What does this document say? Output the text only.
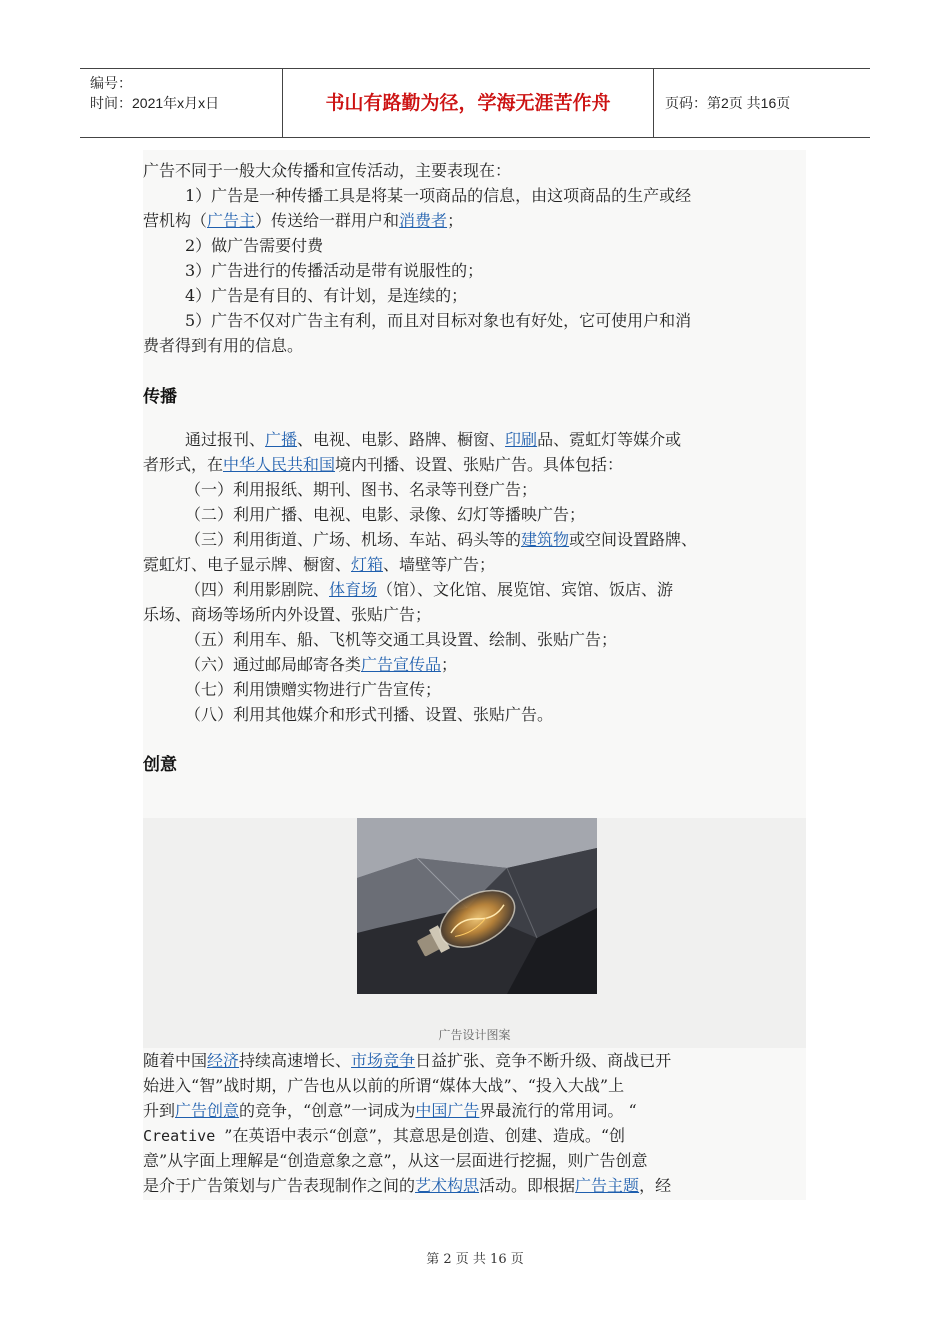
编号：
时间：2021年x月x日	书山有路勤为径，学海无涯苦作舟	页码：第2页 共16页
广告不同于一般大众传播和宣传活动，主要表现在：
1）广告是一种传播工具是将某一项商品的信息，由这项商品的生产或经
营机构（广告主）传送给一群用户和消费者；
2）做广告需要付费
3）广告进行的传播活动是带有说服性的；
4）广告是有目的、有计划，是连续的；
5）广告不仅对广告主有利，而且对目标对象也有好处，它可使用户和消
费者得到有用的信息。
传播
通过报刊、广播、电视、电影、路牌、橱窗、印刷品、霓虹灯等媒介或
者形式，在中华人民共和国境内刊播、设置、张贴广告。具体包括：
（一）利用报纸、期刊、图书、名录等刊登广告；
（二）利用广播、电视、电影、录像、幻灯等播映广告；
（三）利用街道、广场、机场、车站、码头等的建筑物或空间设置路牌、
霓虹灯、电子显示牌、橱窗、灯箱、墙壁等广告；
（四）利用影剧院、体育场（馆）、文化馆、展览馆、宾馆、饭店、游
乐场、商场等场所内外设置、张贴广告；
（五）利用车、船、飞机等交通工具设置、绘制、张贴广告；
（六）通过邮局邮寄各类广告宣传品；
（七）利用馈赠实物进行广告宣传；
（八）利用其他媒介和形式刊播、设置、张贴广告。
创意
广告设计图案
随着中国经济持续高速增长、市场竞争日益扩张、竞争不断升级、商战已开
始进入“智”战时期，广告也从以前的所谓“媒体大战”、“投入大战”上
升到广告创意的竞争，“创意”一词成为中国广告界最流行的常用词。 “
Creative ”在英语中表示“创意”，其意思是创造、创建、造成。“创
意”从字面上理解是“创造意象之意”，从这一层面进行挖掘，则广告创意
是介于广告策划与广告表现制作之间的艺术构思活动。即根据广告主题，经
第 2 页 共 16 页
